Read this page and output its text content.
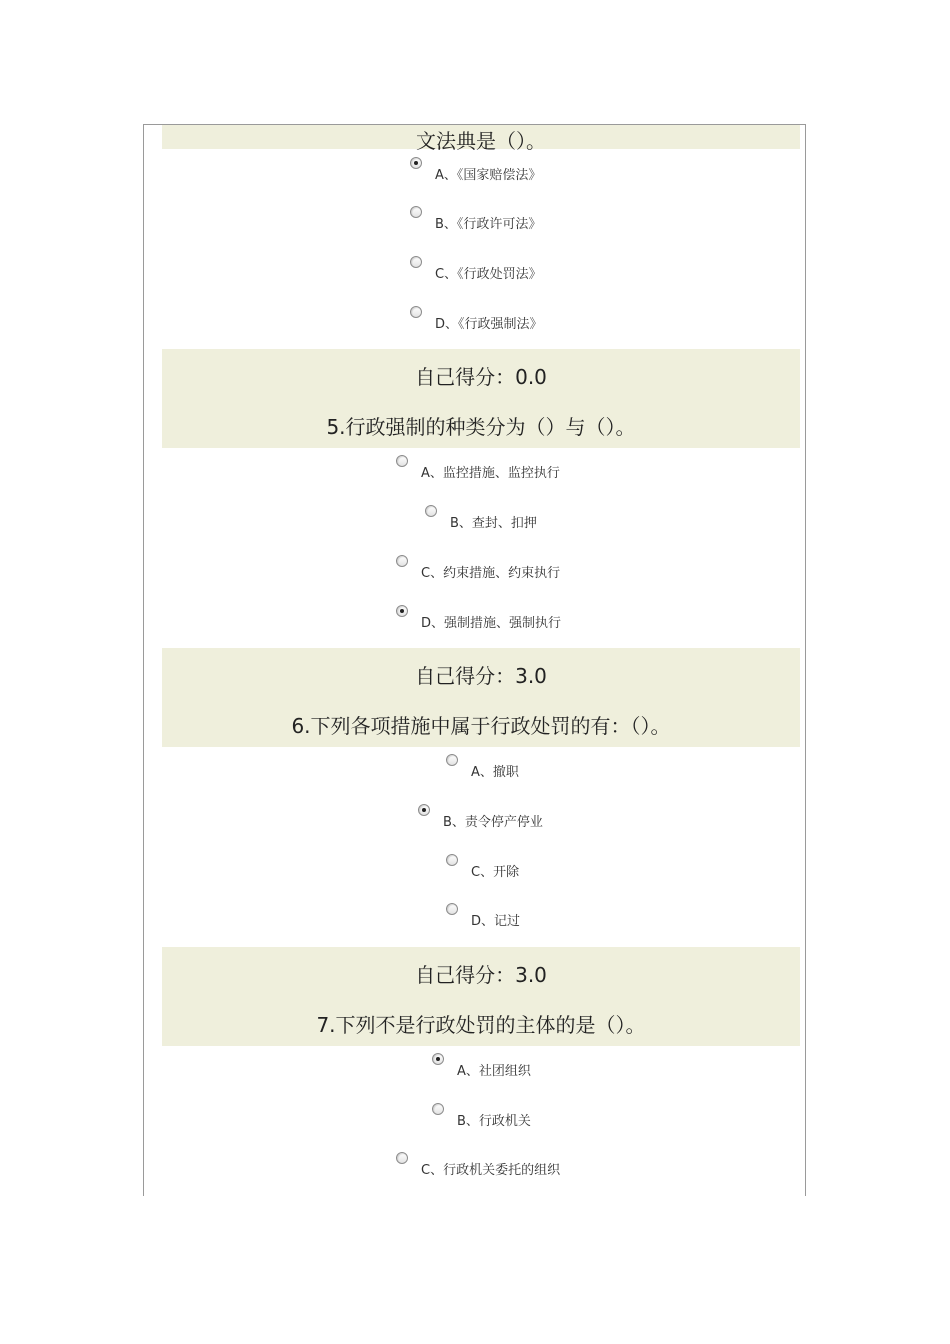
文法典是（）。
A、《国家赔偿法》
B、《行政许可法》
C、《行政处罚法》
D、《行政强制法》
自己得分：0.0
5.行政强制的种类分为（）与（）。
A、监控措施、监控执行
B、查封、扣押
C、约束措施、约束执行
D、强制措施、强制执行
自己得分：3.0
6.下列各项措施中属于行政处罚的有：（）。
A、撤职
B、责令停产停业
C、开除
D、记过
自己得分：3.0
7.下列不是行政处罚的主体的是（）。
A、社团组织
B、行政机关
C、行政机关委托的组织
